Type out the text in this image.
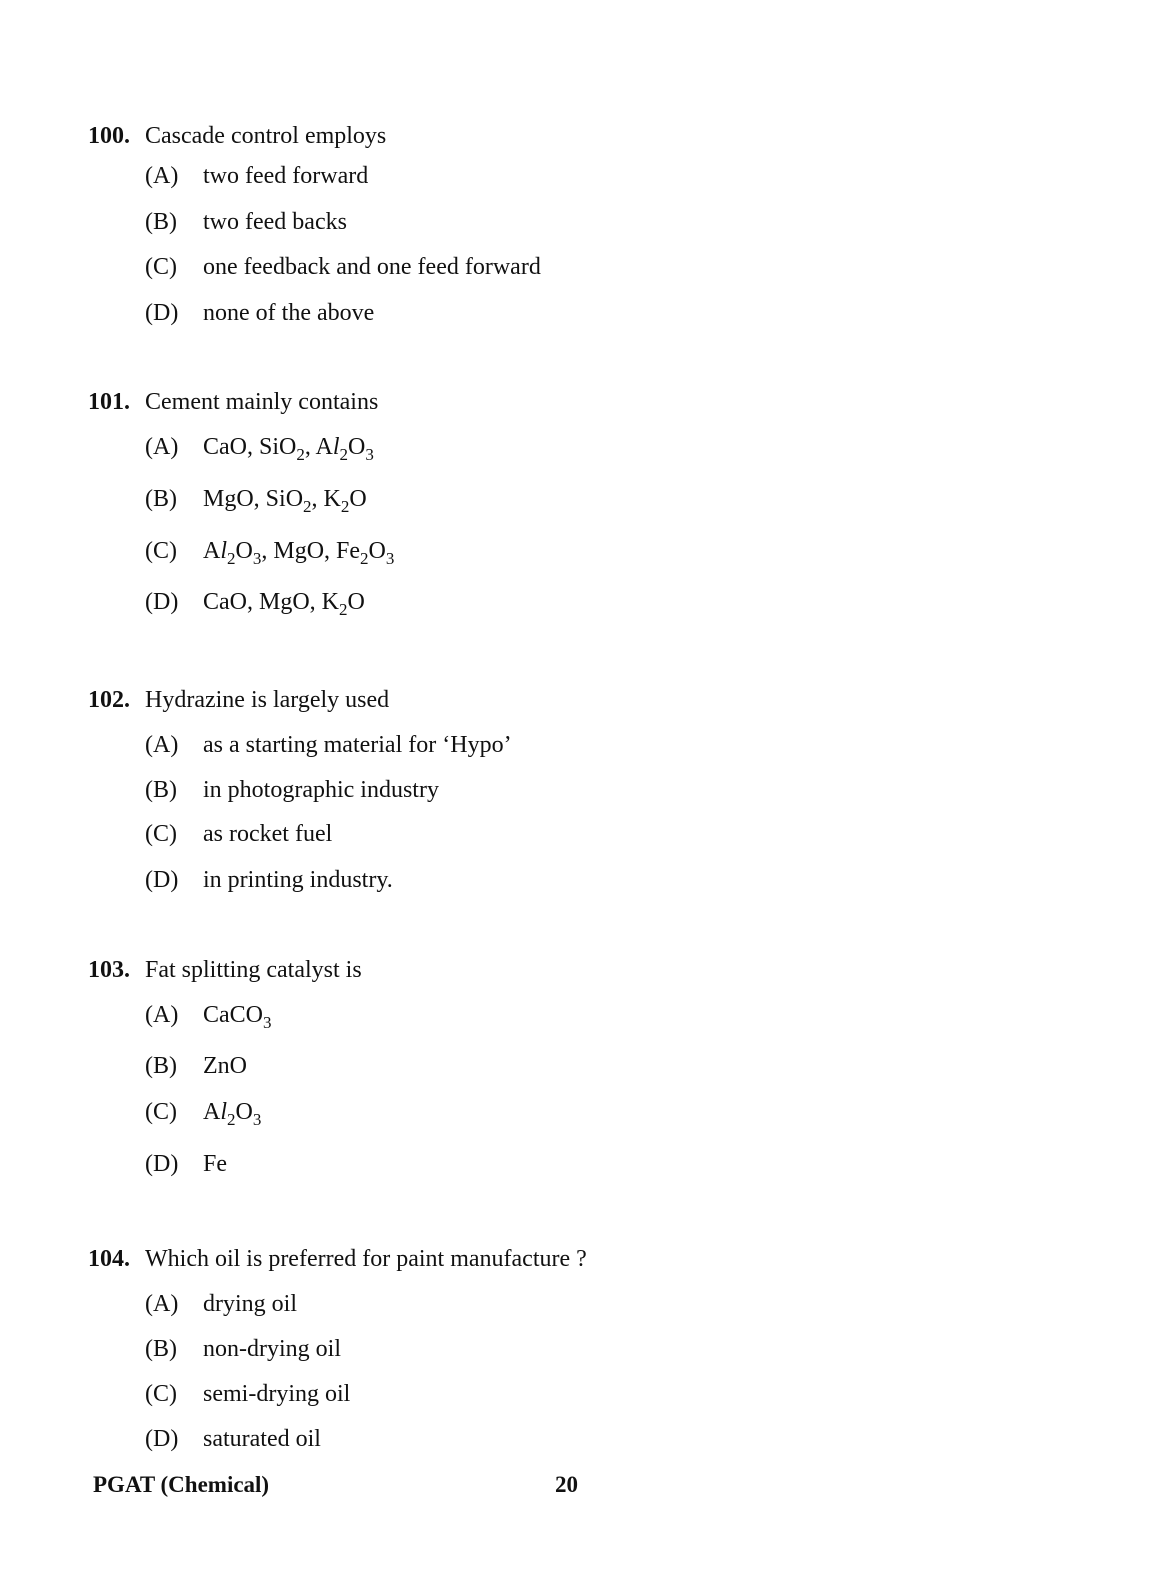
100. Cascade control employs
(A) two feed forward
(B) two feed backs
(C) one feedback and one feed forward
(D) none of the above
101. Cement mainly contains
(A) CaO, SiO$_2$, $Al_2O_3$
(B) MgO, SiO$_2$, $K_2O$
(C) $Al_2O_3$, MgO, $Fe_2O_3$
(D) CaO, MgO, $K_2O$
102. Hydrazine is largely used
(A) as a starting material for ‘Hypo’
(B) in photographic industry
(C) as rocket fuel
(D) in printing industry.
103. Fat splitting catalyst is
(A) CaCO$_3$
(B) ZnO
(C) $Al_2O_3$
(D) Fe
104. Which oil is preferred for paint manufacture ?
(A) drying oil
(B) non-drying oil
(C) semi-drying oil
(D) saturated oil
PGAT (Chemical)	20
